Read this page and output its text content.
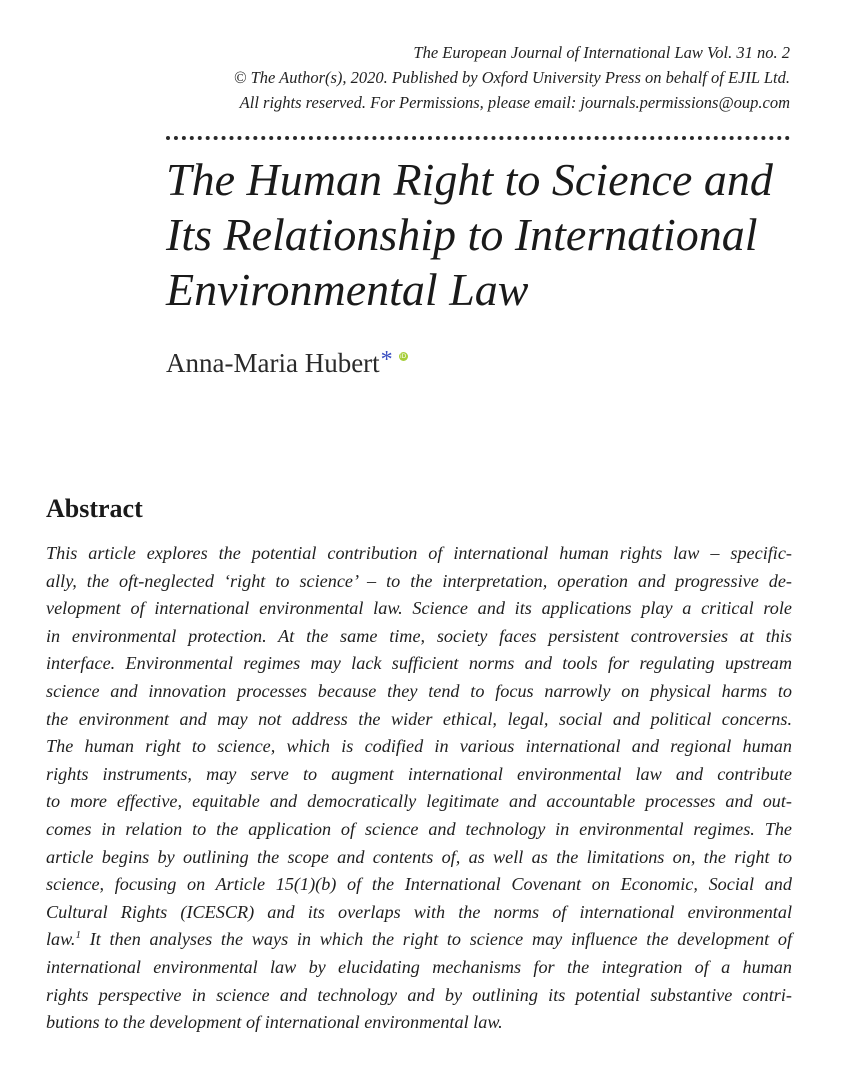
The European Journal of International Law Vol. 31 no. 2
© The Author(s), 2020. Published by Oxford University Press on behalf of EJIL Ltd.
All rights reserved. For Permissions, please email: journals.permissions@oup.com
The Human Right to Science and
Its Relationship to International
Environmental Law
Anna-Maria Hubert* iD
Abstract
This article explores the potential contribution of international human rights law – specific-
ally, the oft-neglected ‘right to science’ – to the interpretation, operation and progressive de-
velopment of international environmental law. Science and its applications play a critical role
in environmental protection. At the same time, society faces persistent controversies at this
interface. Environmental regimes may lack sufficient norms and tools for regulating upstream
science and innovation processes because they tend to focus narrowly on physical harms to
the environment and may not address the wider ethical, legal, social and political concerns.
The human right to science, which is codified in various international and regional human
rights instruments, may serve to augment international environmental law and contribute
to more effective, equitable and democratically legitimate and accountable processes and out-
comes in relation to the application of science and technology in environmental regimes. The
article begins by outlining the scope and contents of, as well as the limitations on, the right to
science, focusing on Article 15(1)(b) of the International Covenant on Economic, Social and
Cultural Rights (ICESCR) and its overlaps with the norms of international environmental
law.$^1$ It then analyses the ways in which the right to science may influence the development of
international environmental law by elucidating mechanisms for the integration of a human
rights perspective in science and technology and by outlining its potential substantive contri-
butions to the development of international environmental law.
